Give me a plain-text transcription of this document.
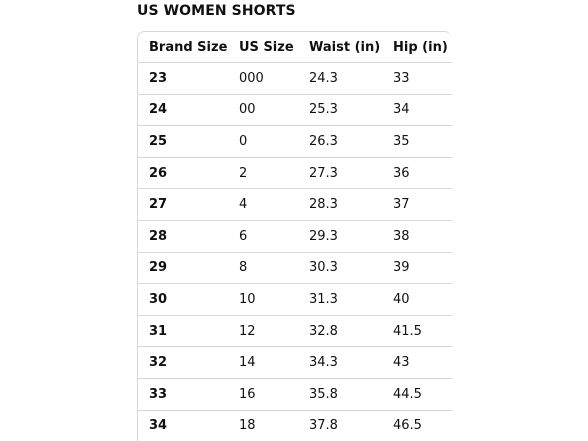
US WOMEN SHORTS
Brand Size	US Size	Waist (in)	Hip (in)
23	000	24.3	33
24	00	25.3	34
25	0	26.3	35
26	2	27.3	36
27	4	28.3	37
28	6	29.3	38
29	8	30.3	39
30	10	31.3	40
31	12	32.8	41.5
32	14	34.3	43
33	16	35.8	44.5
34	18	37.8	46.5
